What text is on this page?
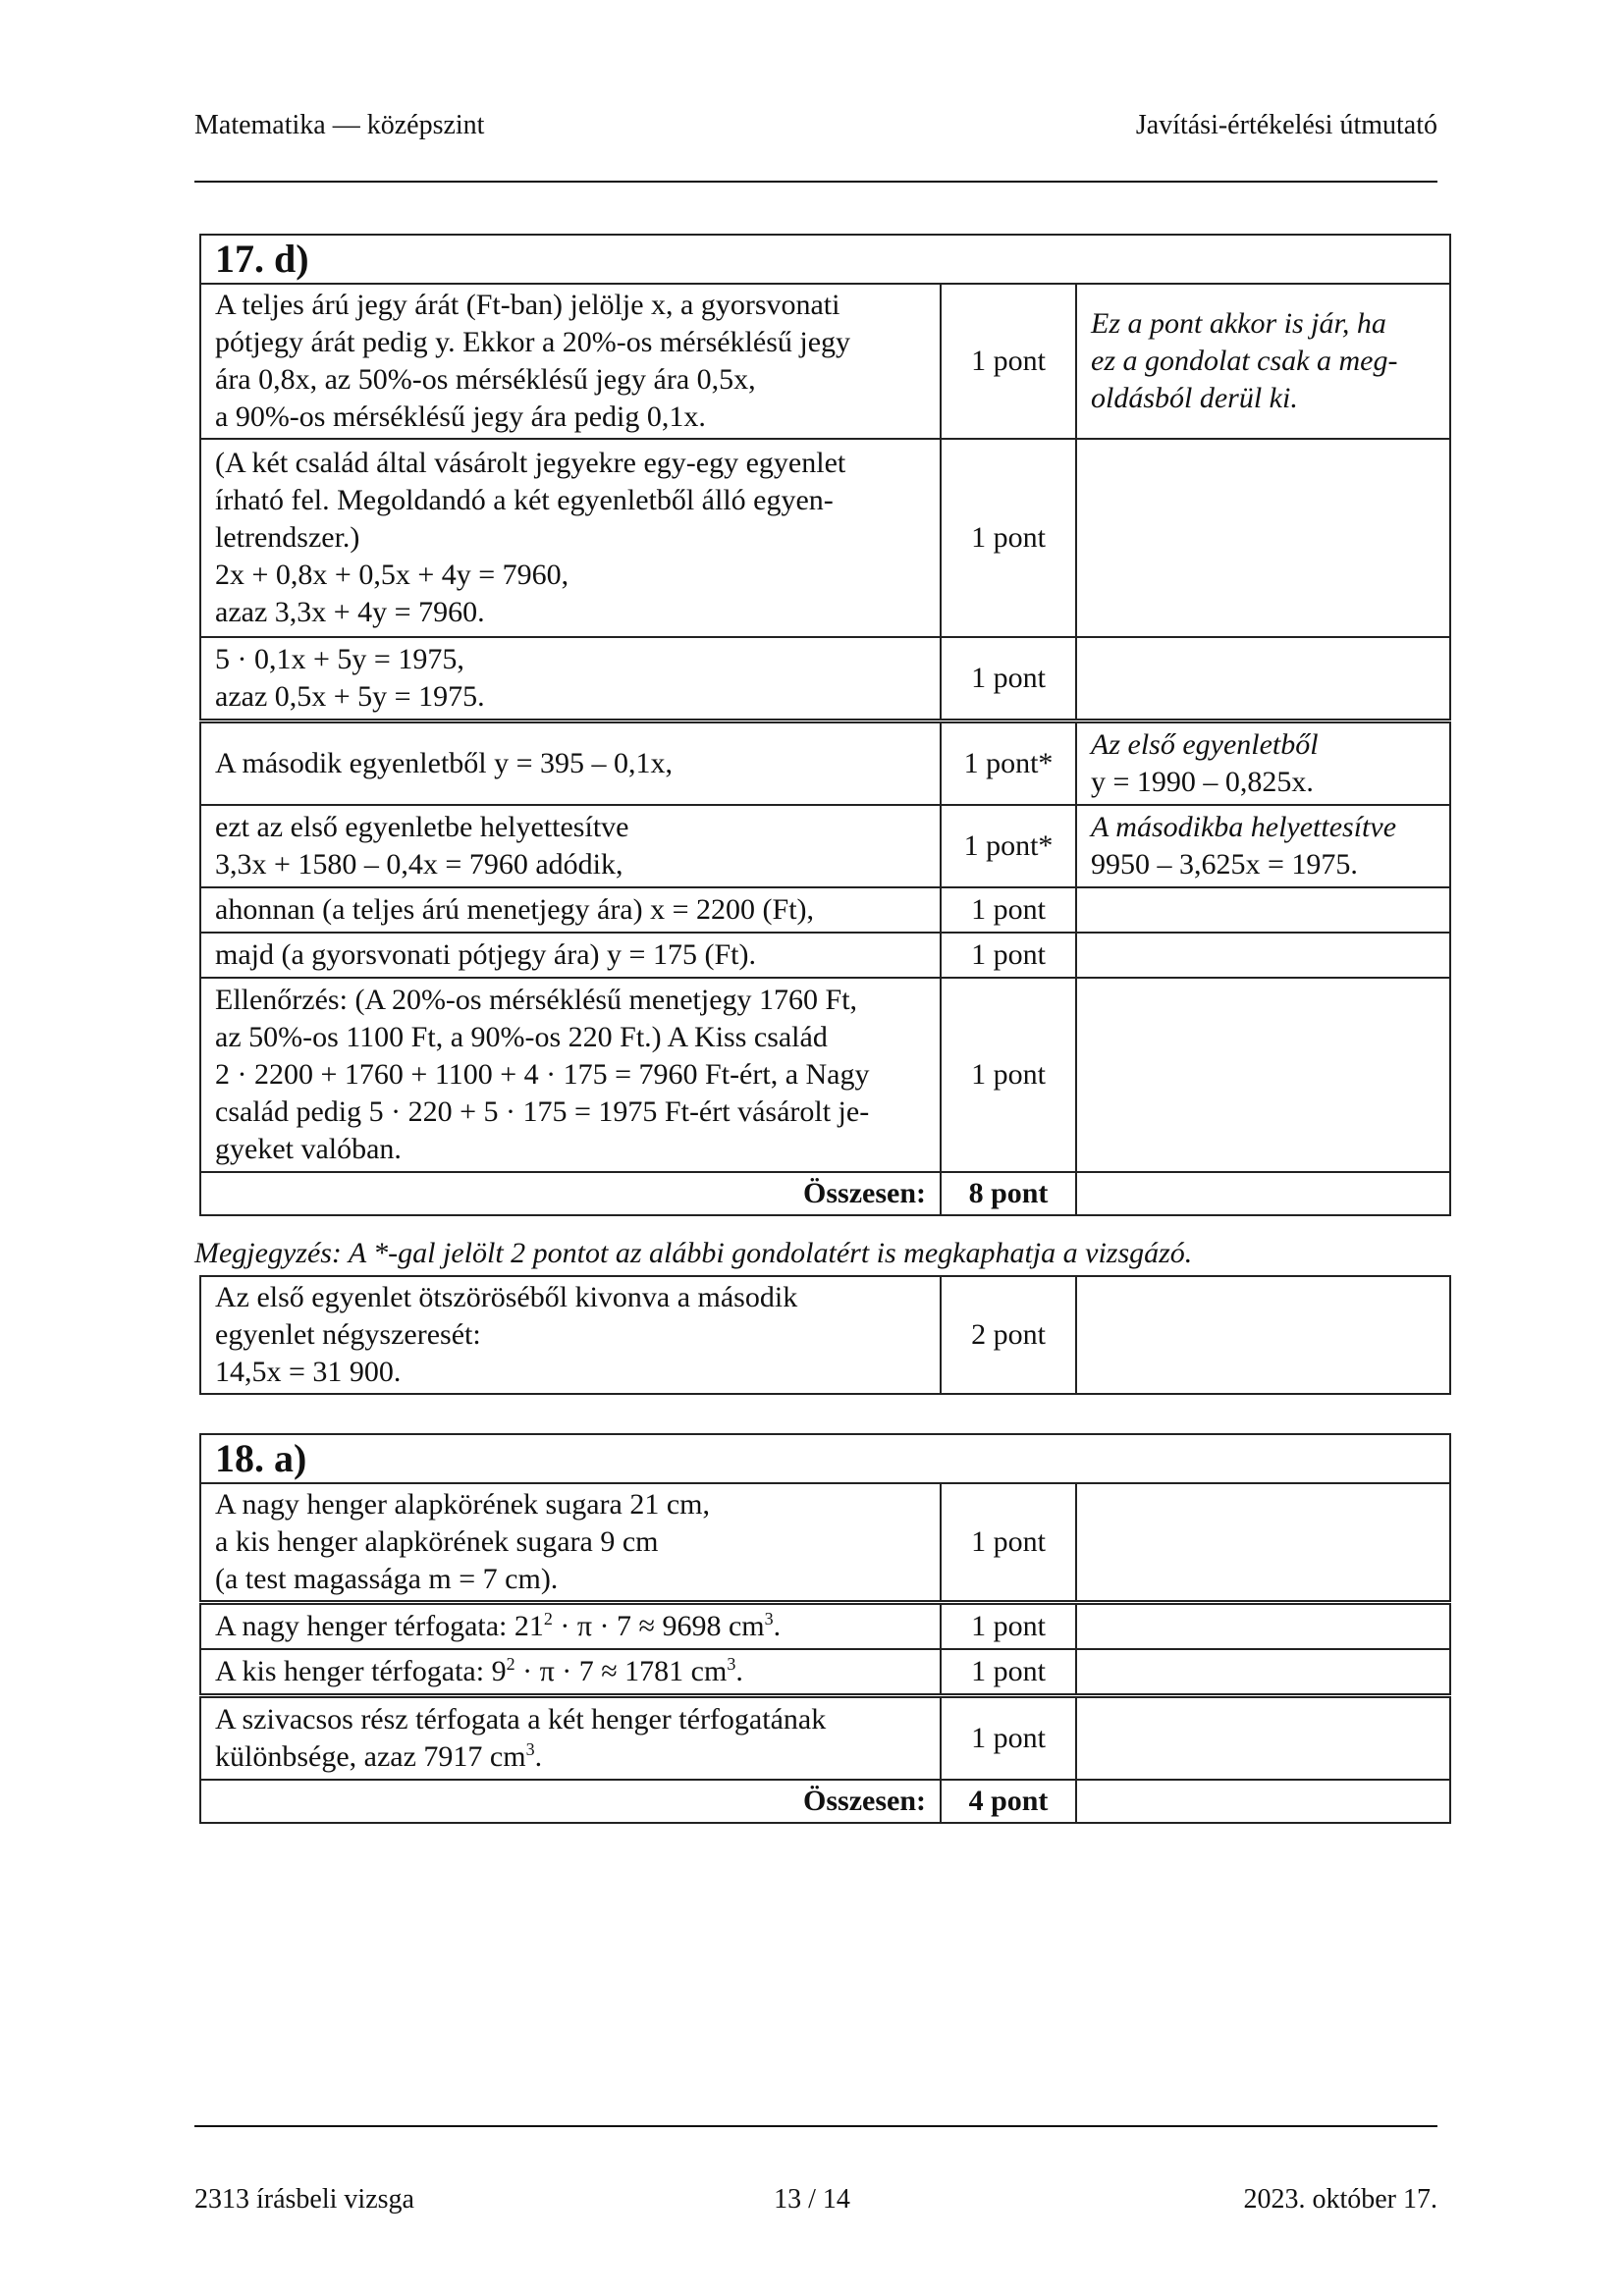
Matematika — középszint	Javítási-értékelési útmutató
17. d)		

A teljes árú jegy árát (Ft-ban) jelölje x, a gyorsvonati
pótjegy árát pedig y. Ekkor a 20%-os mérséklésű jegy
ára 0,8x, az 50%-os mérséklésű jegy ára 0,5x,
a 90%-os mérséklésű jegy ára pedig 0,1x.	1 pont	Ez a pont akkor is jár, ha
ez a gondolat csak a meg-
oldásból derül ki.

(A két család által vásárolt jegyekre egy-egy egyenlet
írható fel. Megoldandó a két egyenletből álló egyen-
letrendszer.)
2x + 0,8x + 0,5x + 4y = 7960,
azaz 3,3x + 4y = 7960.	1 pont	

5 · 0,1x + 5y = 1975,
azaz 0,5x + 5y = 1975.	1 pont	

A második egyenletből y = 395 – 0,1x,	1 pont*	Az első egyenletből
y = 1990 – 0,825x.

ezt az első egyenletbe helyettesítve
3,3x + 1580 – 0,4x = 7960 adódik,	1 pont*	A másodikba helyettesítve
9950 – 3,625x = 1975.

ahonnan (a teljes árú menetjegy ára) x = 2200 (Ft),	1 pont	

majd (a gyorsvonati pótjegy ára) y = 175 (Ft).	1 pont	

Ellenőrzés: (A 20%-os mérséklésű menetjegy 1760 Ft,
az 50%-os 1100 Ft, a 90%-os 220 Ft.) A Kiss család
2 · 2200 + 1760 + 1100 + 4 · 175 = 7960 Ft-ért, a Nagy
család pedig 5 · 220 + 5 · 175 = 1975 Ft-ért vásárolt je-
gyeket valóban.	1 pont	
Összesen:	8 pont	
Megjegyzés: A *-gal jelölt 2 pontot az alábbi gondolatért is megkaphatja a vizsgázó.
Az első egyenlet ötszöröséből kivonva a második
egyenlet négyszeresét:
14,5x = 31 900.
	2 pont	
18. a)		

A nagy henger alapkörének sugara 21 cm,
a kis henger alapkörének sugara 9 cm
(a test magassága m = 7 cm).	1 pont	
A nagy henger térfogata: $21^2 \cdot \pi \cdot 7 \approx 9698$ $cm^3$.	1 pont	
A kis henger térfogata: $9^2 \cdot \pi \cdot 7 \approx 1781$ $cm^3$.	1 pont	

A szivacsos rész térfogata a két henger térfogatának
különbsége, azaz 7917 $cm^3$.	1 pont	
Összesen:	4 pont	
2313 írásbeli vizsga	13 / 14	2023. október 17.
